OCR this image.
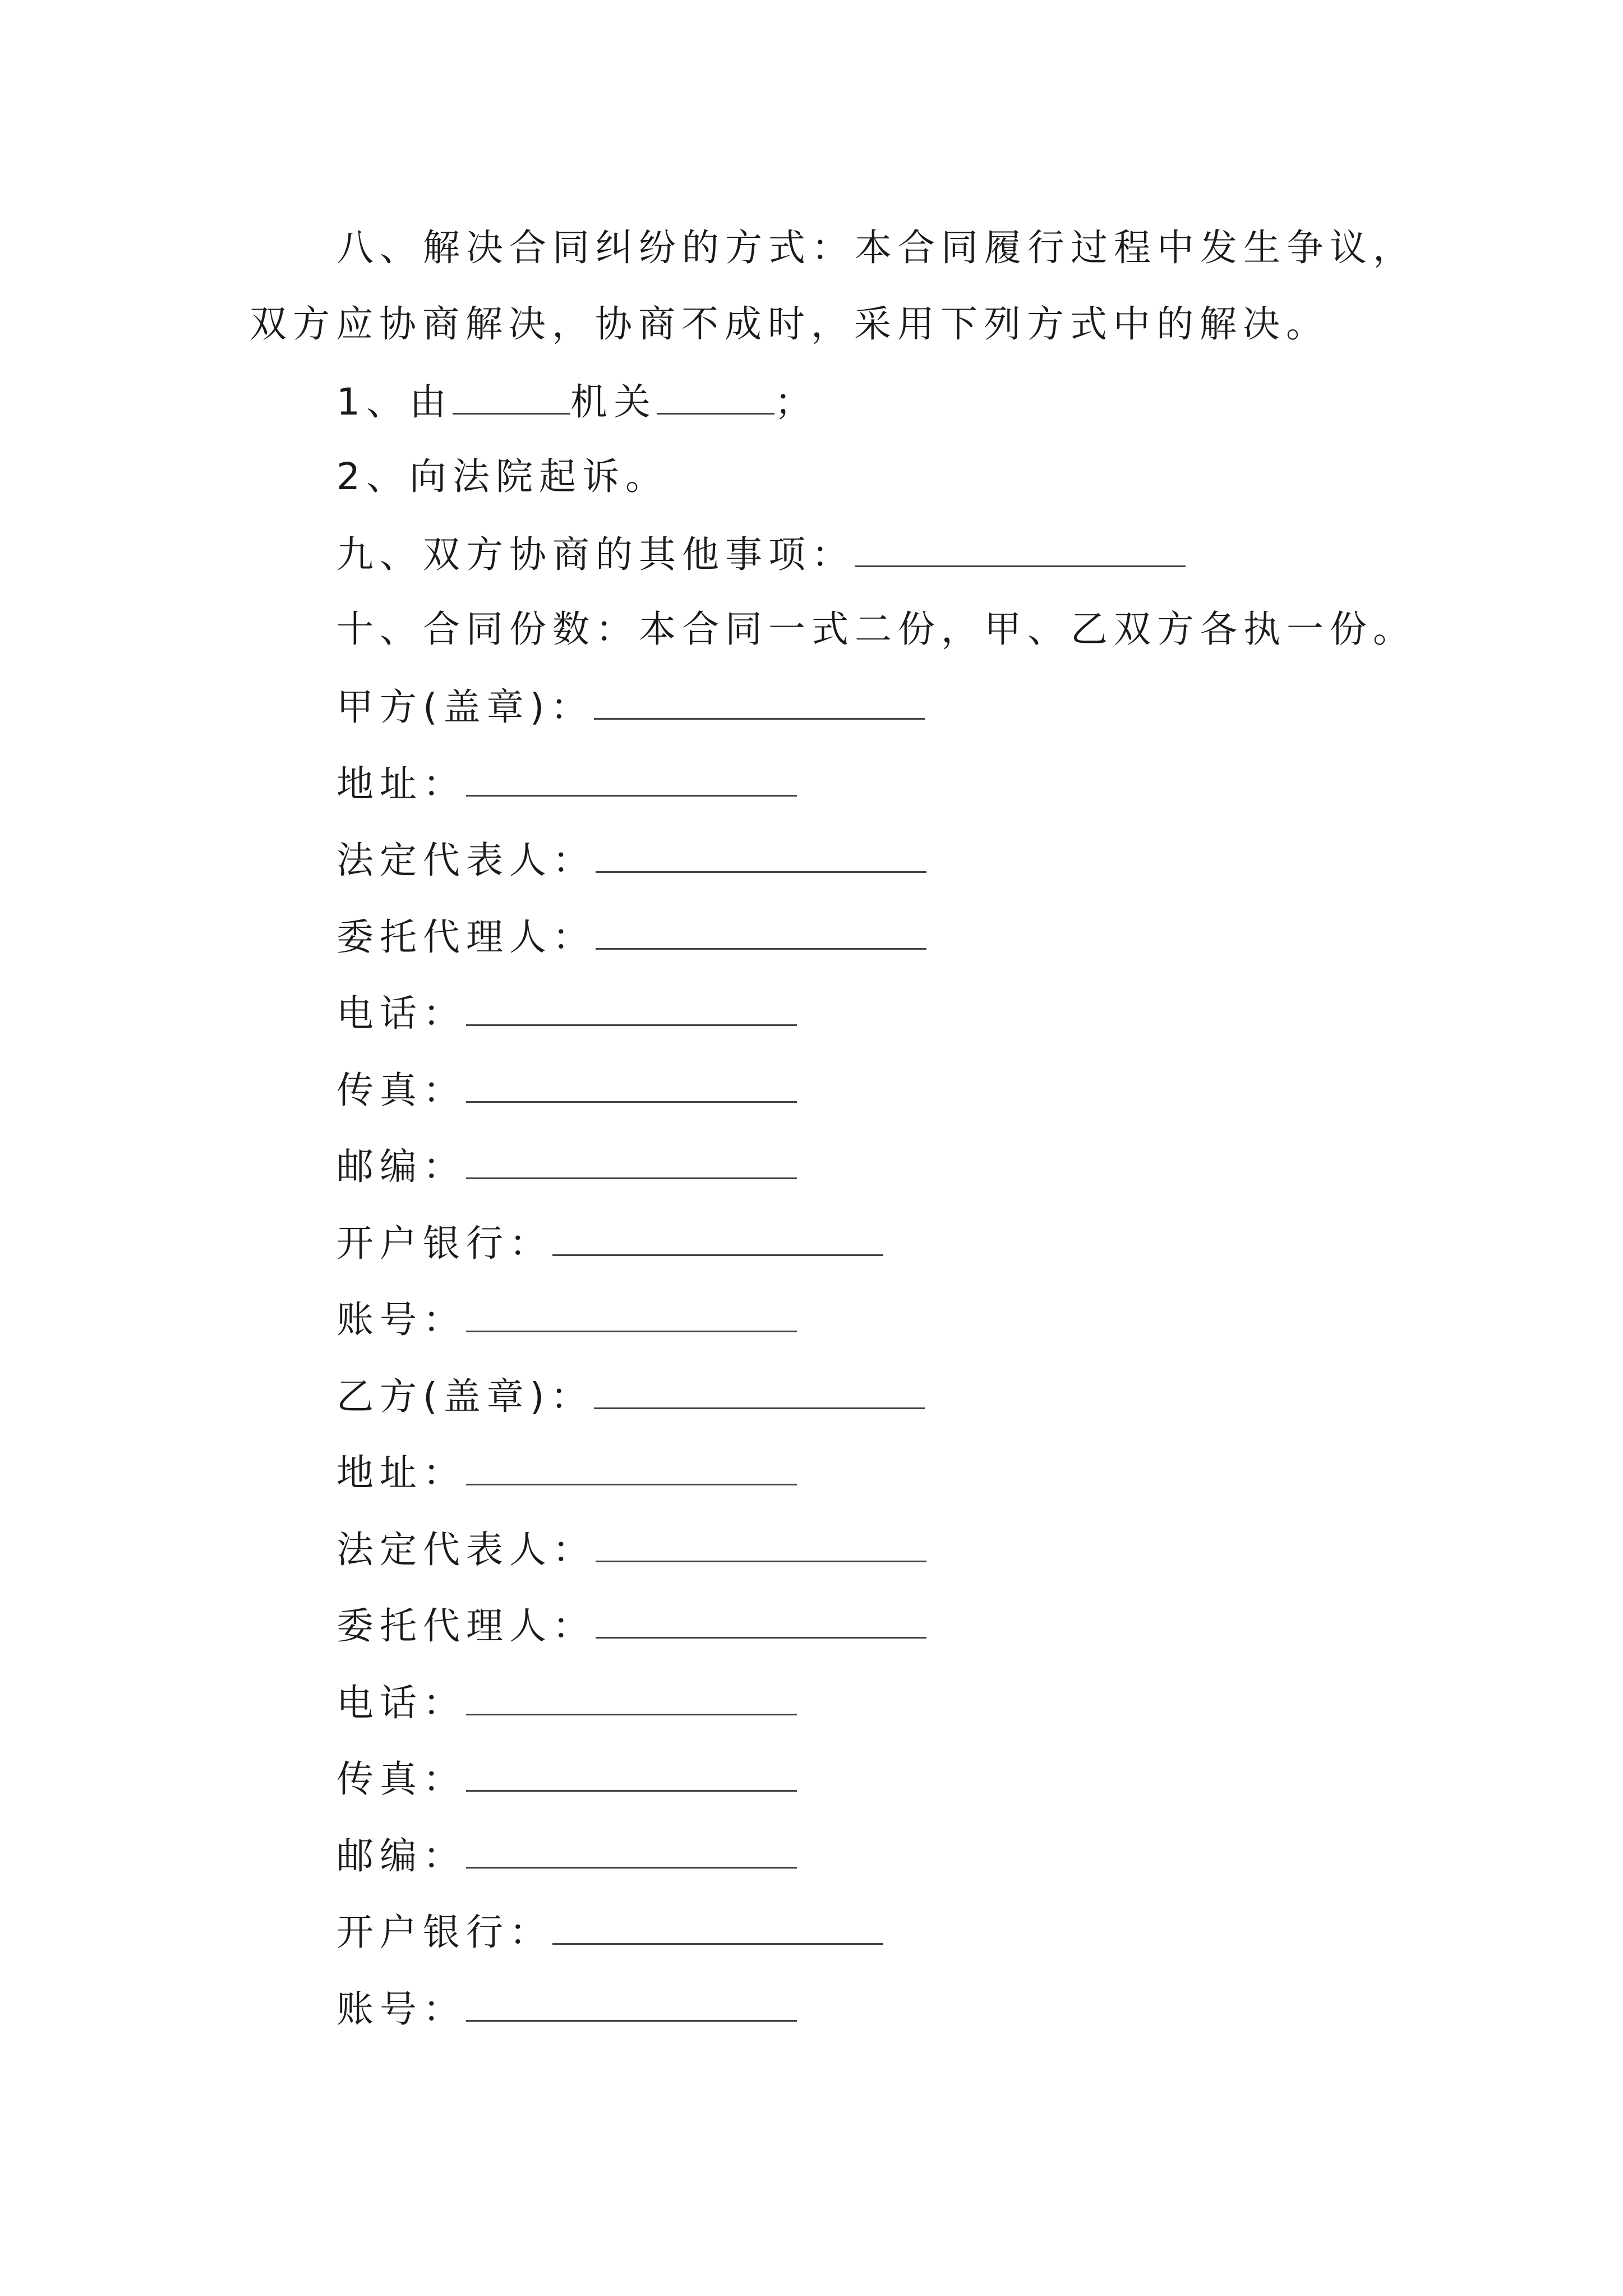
八、解决合同纠纷的方式：本合同履行过程中发生争议，
双方应协商解决，协商不成时，采用下列方式中的解决。
1、由	机关	；
2、向法院起诉。
九、双方协商的其他事项：
十、合同份数：本合同一式二份，甲、乙双方各执一份。
甲方(盖章)：
地址：
法定代表人：
委托代理人：
电话：
传真：
邮编：
开户银行：
账号：
乙方(盖章)：
地址：
法定代表人：
委托代理人：
电话：
传真：
邮编：
开户银行：
账号：
